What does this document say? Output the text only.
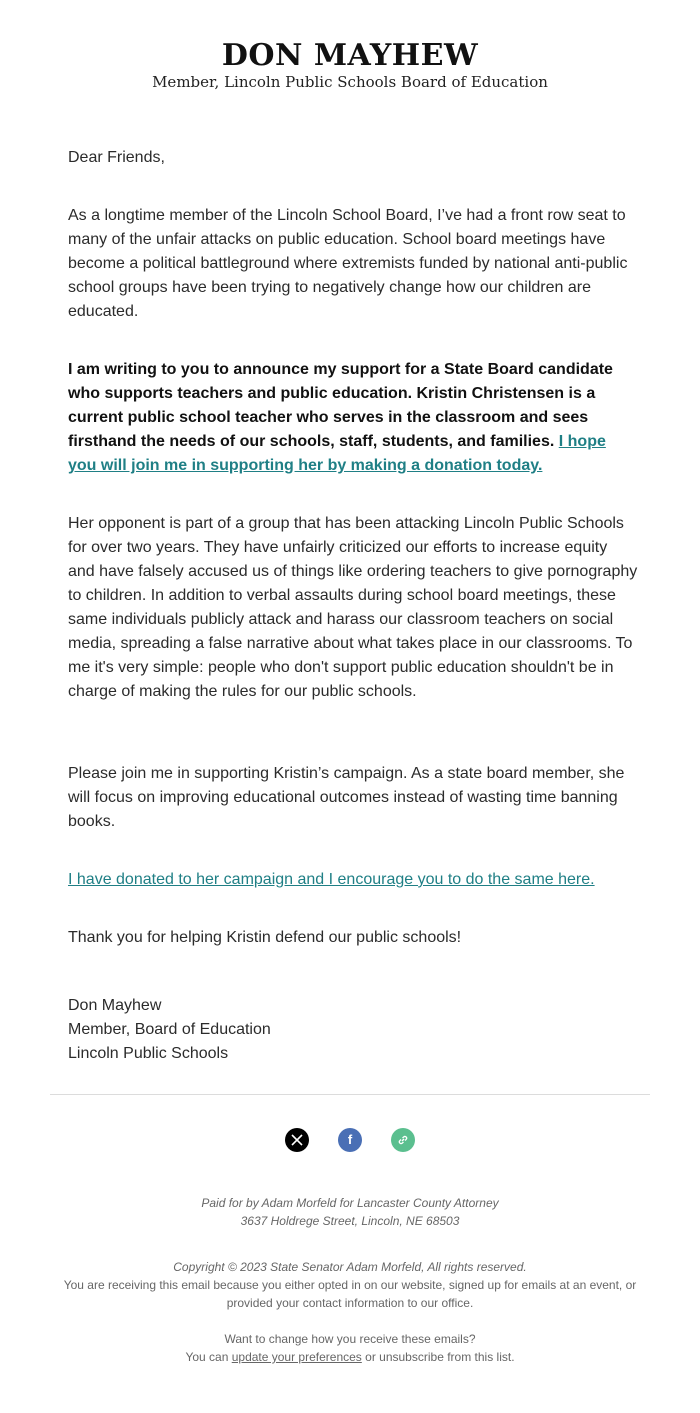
DON MAYHEW
Member, Lincoln Public Schools Board of Education

Dear Friends,

As a longtime member of the Lincoln School Board, I’ve had a front row seat to many of the unfair attacks on public education. School board meetings have become a political battleground where extremists funded by national anti-public school groups have been trying to negatively change how our children are educated.

I am writing to you to announce my support for a State Board candidate who supports teachers and public education. Kristin Christensen is a current public school teacher who serves in the classroom and sees firsthand the needs of our schools, staff, students, and families. I hope you will join me in supporting her by making a donation today.

Her opponent is part of a group that has been attacking Lincoln Public Schools for over two years. They have unfairly criticized our efforts to increase equity and have falsely accused us of things like ordering teachers to give pornography to children. In addition to verbal assaults during school board meetings, these same individuals publicly attack and harass our classroom teachers on social media, spreading a false narrative about what takes place in our classrooms. To me it's very simple: people who don't support public education shouldn't be in charge of making the rules for our public schools.

Please join me in supporting Kristin’s campaign. As a state board member, she will focus on improving educational outcomes instead of wasting time banning books.

I have donated to her campaign and I encourage you to do the same here.

Thank you for helping Kristin defend our public schools!

Don Mayhew

Member, Board of Education

Lincoln Public Schools

f
Paid for by Adam Morfeld for Lancaster County Attorney
3637 Holdrege Street, Lincoln, NE 68503
Copyright © 2023 State Senator Adam Morfeld, All rights reserved.
You are receiving this email because you either opted in on our website, signed up for emails at an event, or provided your contact information to our office.
Want to change how you receive these emails?
You can update your preferences or unsubscribe from this list.
